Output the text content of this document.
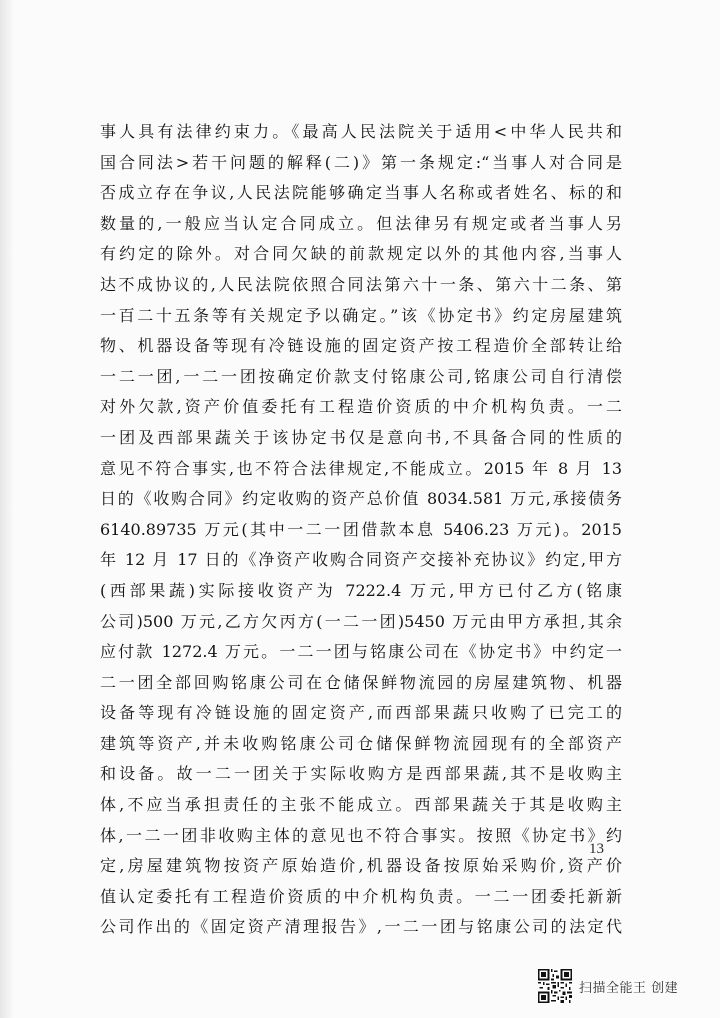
事人具有法律约束力。《最高人民法院关于适用<中华人民共和
国合同法>若干问题的解释(二)》第一条规定:“当事人对合同是
否成立存在争议,人民法院能够确定当事人名称或者姓名、标的和
数量的,一般应当认定合同成立。但法律另有规定或者当事人另
有约定的除外。对合同欠缺的前款规定以外的其他内容,当事人
达不成协议的,人民法院依照合同法第六十一条、第六十二条、第
一百二十五条等有关规定予以确定。”该《协定书》约定房屋建筑
物、机器设备等现有冷链设施的固定资产按工程造价全部转让给
一二一团,一二一团按确定价款支付铭康公司,铭康公司自行清偿
对外欠款,资产价值委托有工程造价资质的中介机构负责。一二
一团及西部果蔬关于该协定书仅是意向书,不具备合同的性质的
意见不符合事实,也不符合法律规定,不能成立。2015 年 8 月 13
日的《收购合同》约定收购的资产总价值 8034.581 万元,承接债务
6140.89735 万元(其中一二一团借款本息 5406.23 万元)。2015
年 12 月 17 日的《净资产收购合同资产交接补充协议》约定,甲方
(西部果蔬)实际接收资产为 7222.4 万元,甲方已付乙方(铭康
公司)500 万元,乙方欠丙方(一二一团)5450 万元由甲方承担,其余
应付款 1272.4 万元。一二一团与铭康公司在《协定书》中约定一
二一团全部回购铭康公司在仓储保鲜物流园的房屋建筑物、机器
设备等现有冷链设施的固定资产,而西部果蔬只收购了已完工的
建筑等资产,并未收购铭康公司仓储保鲜物流园现有的全部资产
和设备。故一二一团关于实际收购方是西部果蔬,其不是收购主
体,不应当承担责任的主张不能成立。西部果蔬关于其是收购主
体,一二一团非收购主体的意见也不符合事实。按照《协定书》约
定,房屋建筑物按资产原始造价,机器设备按原始采购价,资产价
值认定委托有工程造价资质的中介机构负责。一二一团委托新新
公司作出的《固定资产清理报告》,一二一团与铭康公司的法定代
13
扫描全能王 创建
